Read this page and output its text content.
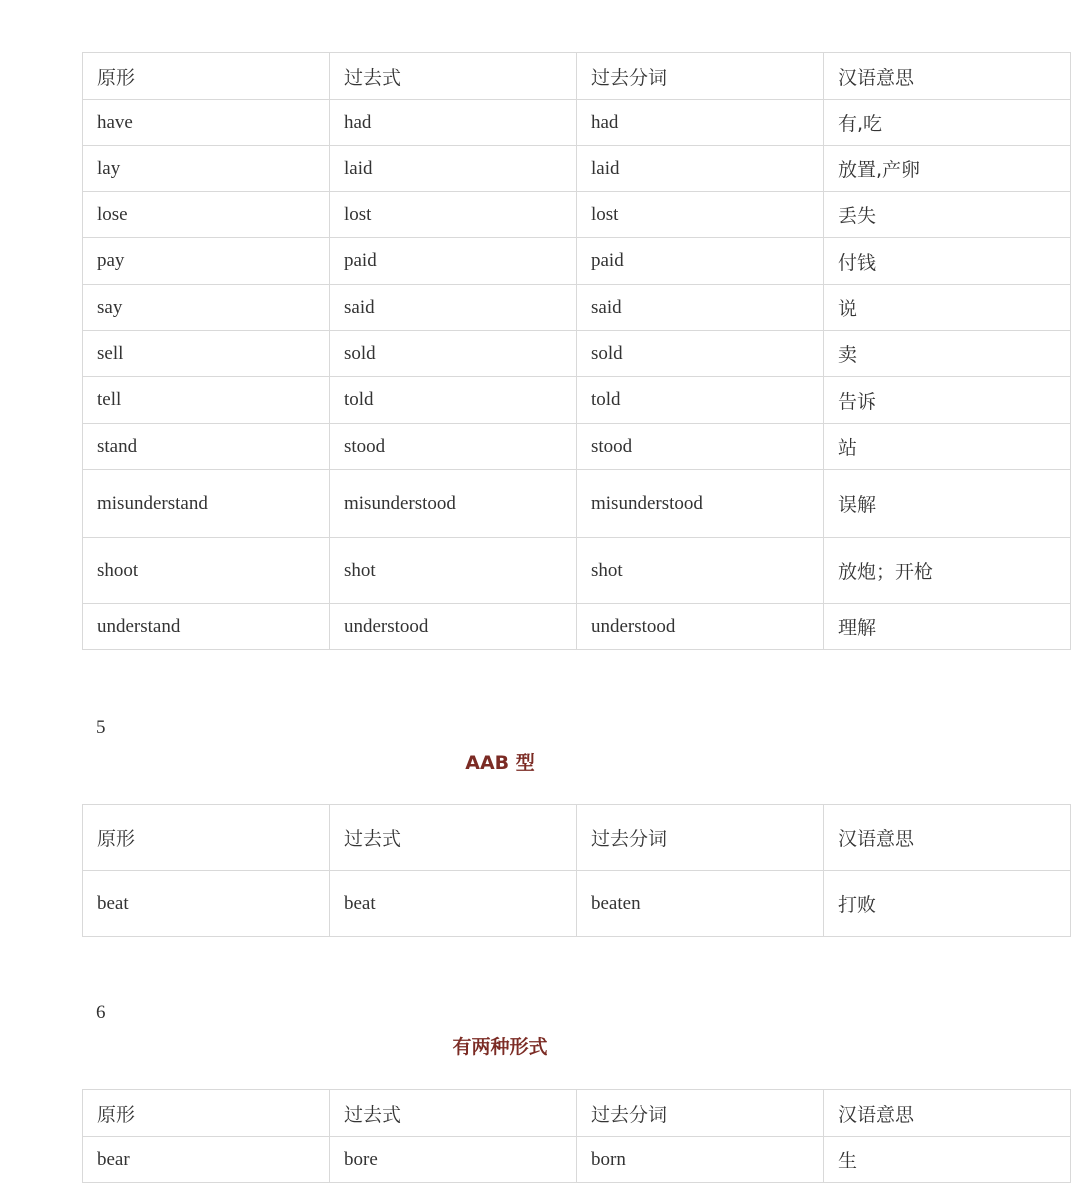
原形	过去式	过去分词	汉语意思
have	had	had	有,吃
lay	laid	laid	放置,产卵
lose	lost	lost	丢失
pay	paid	paid	付钱
say	said	said	说
sell	sold	sold	卖
tell	told	told	告诉
stand	stood	stood	站
misunderstand	misunderstood	misunderstood	误解
shoot	shot	shot	放炮；开枪
understand	understood	understood	理解
5
AAB 型
原形	过去式	过去分词	汉语意思
beat	beat	beaten	打败
6
有两种形式
原形	过去式	过去分词	汉语意思
bear	bore	born	生
